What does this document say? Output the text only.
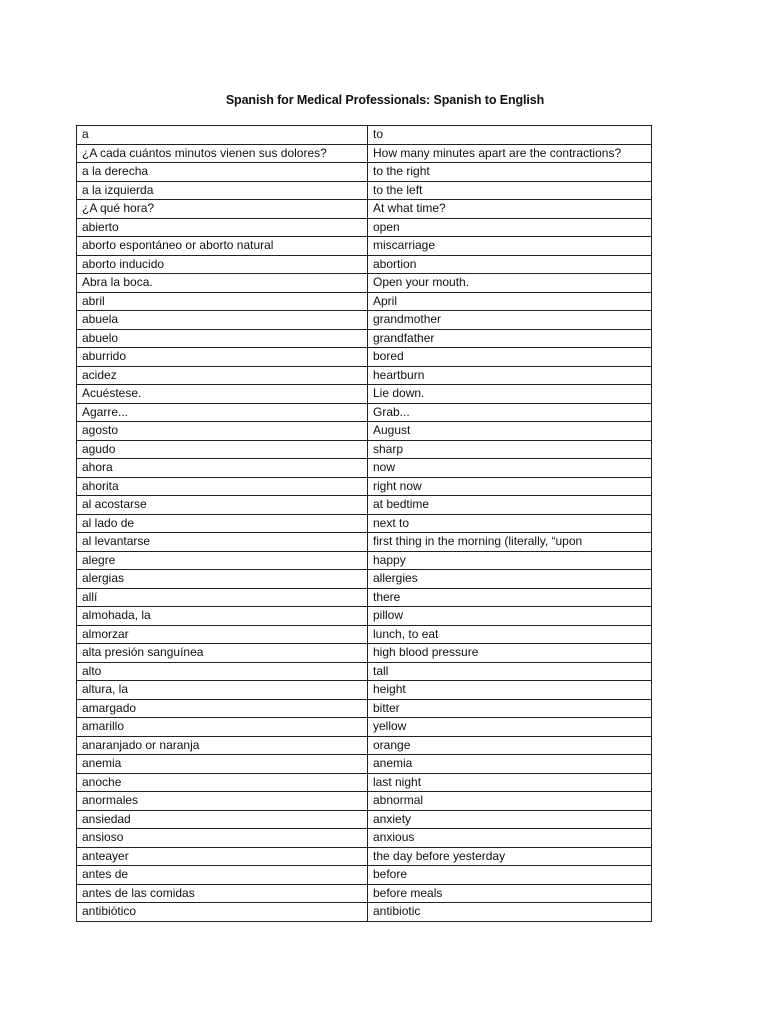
Spanish for Medical Professionals: Spanish to English
a	to
¿A cada cuántos minutos vienen sus dolores?	How many minutes apart are the contractions?
a la derecha	to the right
a la izquierda	to the left
¿A qué hora?	At what time?
abierto	open
aborto espontáneo or aborto natural	miscarriage
aborto inducido	abortion
Abra la boca.	Open your mouth.
abril	April
abuela	grandmother
abuelo	grandfather
aburrido	bored
acidez	heartburn
Acuéstese.	Lie down.
Agarre...	Grab...
agosto	August
agudo	sharp
ahora	now
ahorita	right now
al acostarse	at bedtime
al lado de	next to
al levantarse	first thing in the morning (literally, “upon
alegre	happy
alergias	allergies
allí	there
almohada, la	pillow
almorzar	lunch, to eat
alta presión sanguínea	high blood pressure
alto	tall
altura, la	height
amargado	bitter
amarillo	yellow
anaranjado or naranja	orange
anemia	anemia
anoche	last night
anormales	abnormal
ansiedad	anxiety
ansioso	anxious
anteayer	the day before yesterday
antes de	before
antes de las comidas	before meals
antibiótico	antibiotic
